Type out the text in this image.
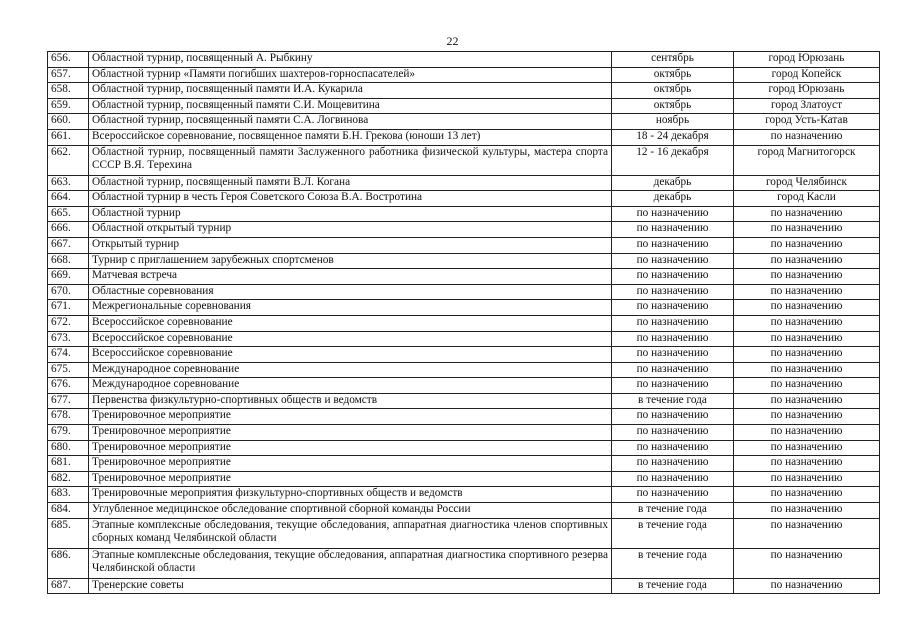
22
656.	Областной турнир, посвященный А. Рыбкину	сентябрь	город Юрюзань
657.	Областной турнир «Памяти погибших шахтеров-горноспасателей»	октябрь	город Копейск
658.	Областной турнир, посвященный памяти И.А. Кукарила	октябрь	город Юрюзань
659.	Областной турнир, посвященный памяти С.И. Мощевитина	октябрь	город Златоуст
660.	Областной турнир, посвященный памяти С.А. Логвинова	ноябрь	город Усть-Катав
661.	Всероссийское соревнование, посвященное памяти Б.Н. Грекова (юноши 13 лет)	18 - 24 декабря	по назначению
662.	Областной турнир, посвященный памяти Заслуженного работника физической культуры, мастера спорта СССР В.Я. Терехина	12 - 16 декабря	город Магнитогорск
663.	Областной турнир, посвященный памяти В.Л. Когана	декабрь	город Челябинск
664.	Областной турнир в честь Героя Советского Союза В.А. Востротина	декабрь	город Касли
665.	Областной турнир	по назначению	по назначению
666.	Областной открытый турнир	по назначению	по назначению
667.	Открытый турнир	по назначению	по назначению
668.	Турнир с приглашением зарубежных спортсменов	по назначению	по назначению
669.	Матчевая встреча	по назначению	по назначению
670.	Областные соревнования	по назначению	по назначению
671.	Межрегиональные соревнования	по назначению	по назначению
672.	Всероссийское соревнование	по назначению	по назначению
673.	Всероссийское соревнование	по назначению	по назначению
674.	Всероссийское соревнование	по назначению	по назначению
675.	Международное соревнование	по назначению	по назначению
676.	Международное соревнование	по назначению	по назначению
677.	Первенства физкультурно-спортивных обществ и ведомств	в течение года	по назначению
678.	Тренировочное мероприятие	по назначению	по назначению
679.	Тренировочное мероприятие	по назначению	по назначению
680.	Тренировочное мероприятие	по назначению	по назначению
681.	Тренировочное мероприятие	по назначению	по назначению
682.	Тренировочное мероприятие	по назначению	по назначению
683.	Тренировочные мероприятия физкультурно-спортивных обществ и ведомств	по назначению	по назначению
684.	Углубленное медицинское обследование спортивной сборной команды России	в течение года	по назначению
685.	Этапные комплексные обследования, текущие обследования, аппаратная диагностика членов спортивных сборных команд Челябинской области	в течение года	по назначению
686.	Этапные комплексные обследования, текущие обследования, аппаратная диагностика спортивного резерва Челябинской области	в течение года	по назначению
687.	Тренерские советы	в течение года	по назначению
